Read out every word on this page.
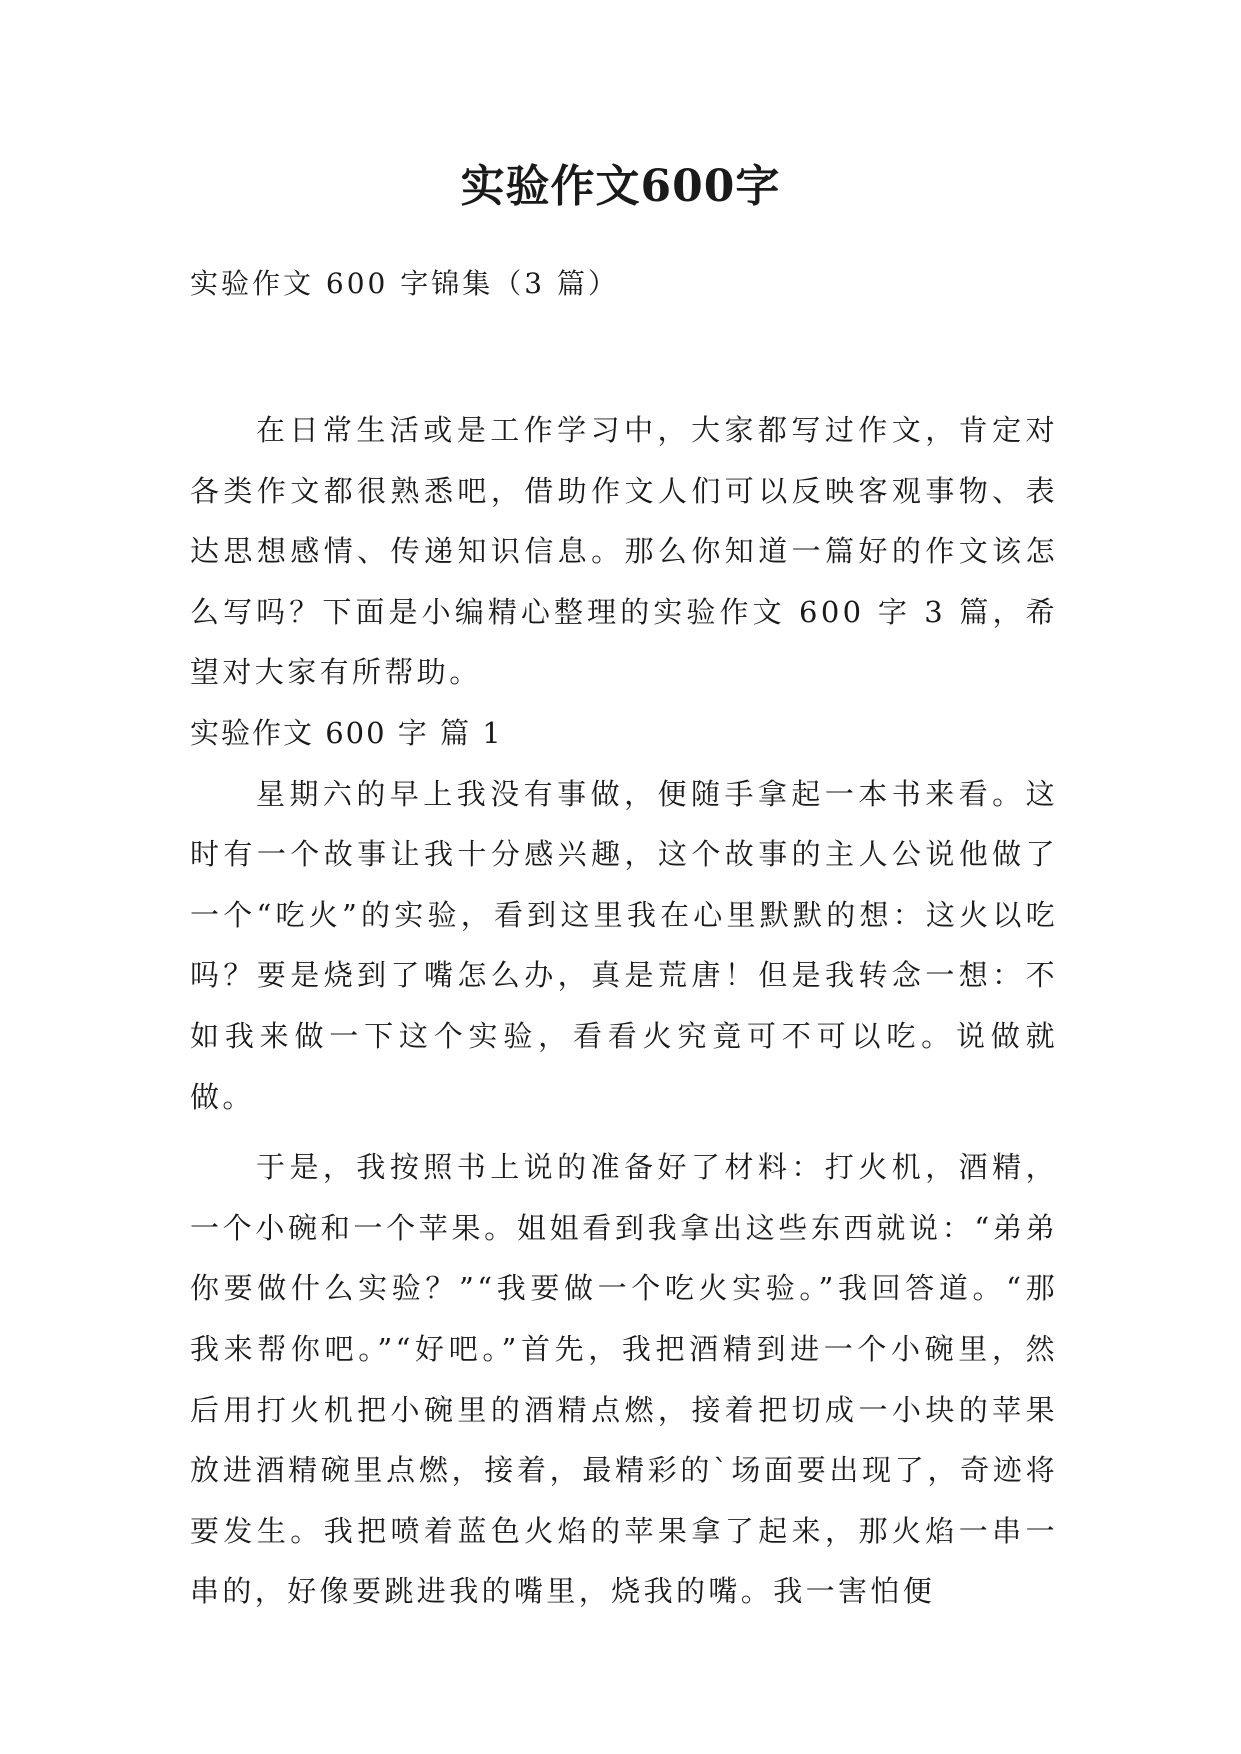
实验作文600字

实验作文 600 字锦集（3 篇）

在日常生活或是工作学习中，大家都写过作文，肯定对各类作文都很熟悉吧，借助作文人们可以反映客观事物、表达思想感情、传递知识信息。那么你知道一篇好的作文该怎么写吗？下面是小编精心整理的实验作文 600 字 3 篇，希望对大家有所帮助。

实验作文 600 字 篇 1

星期六的早上我没有事做，便随手拿起一本书来看。这时有一个故事让我十分感兴趣，这个故事的主人公说他做了一个“吃火”的实验，看到这里我在心里默默的想：这火以吃吗？要是烧到了嘴怎么办，真是荒唐！但是我转念一想：不如我来做一下这个实验，看看火究竟可不可以吃。说做就做。

于是，我按照书上说的准备好了材料：打火机，酒精，一个小碗和一个苹果。姐姐看到我拿出这些东西就说：“弟弟你要做什么实验？”“我要做一个吃火实验。”我回答道。“那我来帮你吧。”“好吧。”首先，我把酒精到进一个小碗里，然后用打火机把小碗里的酒精点燃，接着把切成一小块的苹果放进酒精碗里点燃，接着，最精彩的`场面要出现了，奇迹将要发生。我把喷着蓝色火焰的苹果拿了起来，那火焰一串一串的，好像要跳进我的嘴里，烧我的嘴。我一害怕便
